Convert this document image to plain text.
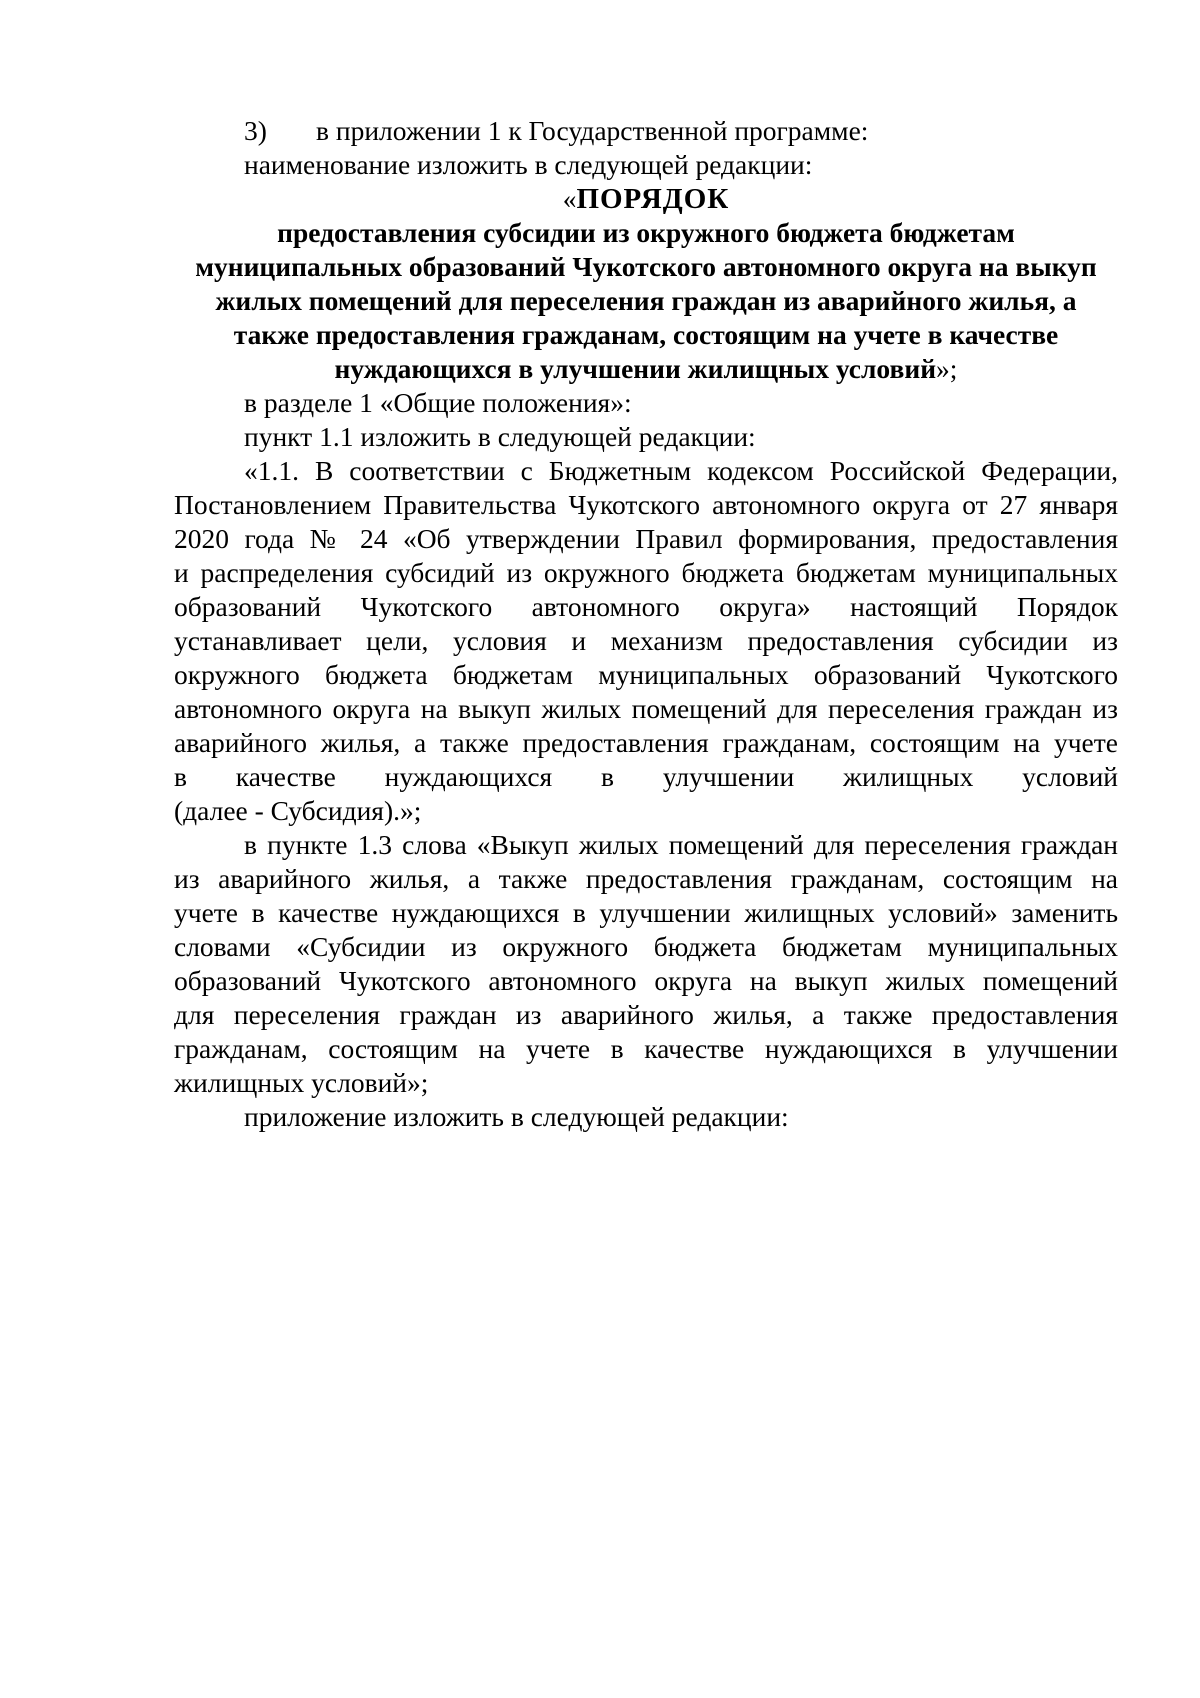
3) в приложении 1 к Государственной программе:
наименование изложить в следующей редакции:
«ПОРЯДОК
предоставления субсидии из окружного бюджета бюджетам
муниципальных образований Чукотского автономного округа на выкуп
жилых помещений для переселения граждан из аварийного жилья, а
также предоставления гражданам, состоящим на учете в качестве
нуждающихся в улучшении жилищных условий»;
в разделе 1 «Общие положения»:
пункт 1.1 изложить в следующей редакции:
«1.1. В соответствии с Бюджетным кодексом Российской Федерации,
Постановлением Правительства Чукотского автономного округа от 27 января
2020 года № 24 «Об утверждении Правил формирования, предоставления
и распределения субсидий из окружного бюджета бюджетам муниципальных
образований Чукотского автономного округа» настоящий Порядок
устанавливает цели, условия и механизм предоставления субсидии из
окружного бюджета бюджетам муниципальных образований Чукотского
автономного округа на выкуп жилых помещений для переселения граждан из
аварийного жилья, а также предоставления гражданам, состоящим на учете
в качестве нуждающихся в улучшении жилищных условий
(далее - Субсидия).»;
в пункте 1.3 слова «Выкуп жилых помещений для переселения граждан
из аварийного жилья, а также предоставления гражданам, состоящим на
учете в качестве нуждающихся в улучшении жилищных условий» заменить
словами «Субсидии из окружного бюджета бюджетам муниципальных
образований Чукотского автономного округа на выкуп жилых помещений
для переселения граждан из аварийного жилья, а также предоставления
гражданам, состоящим на учете в качестве нуждающихся в улучшении
жилищных условий»;
приложение изложить в следующей редакции:
